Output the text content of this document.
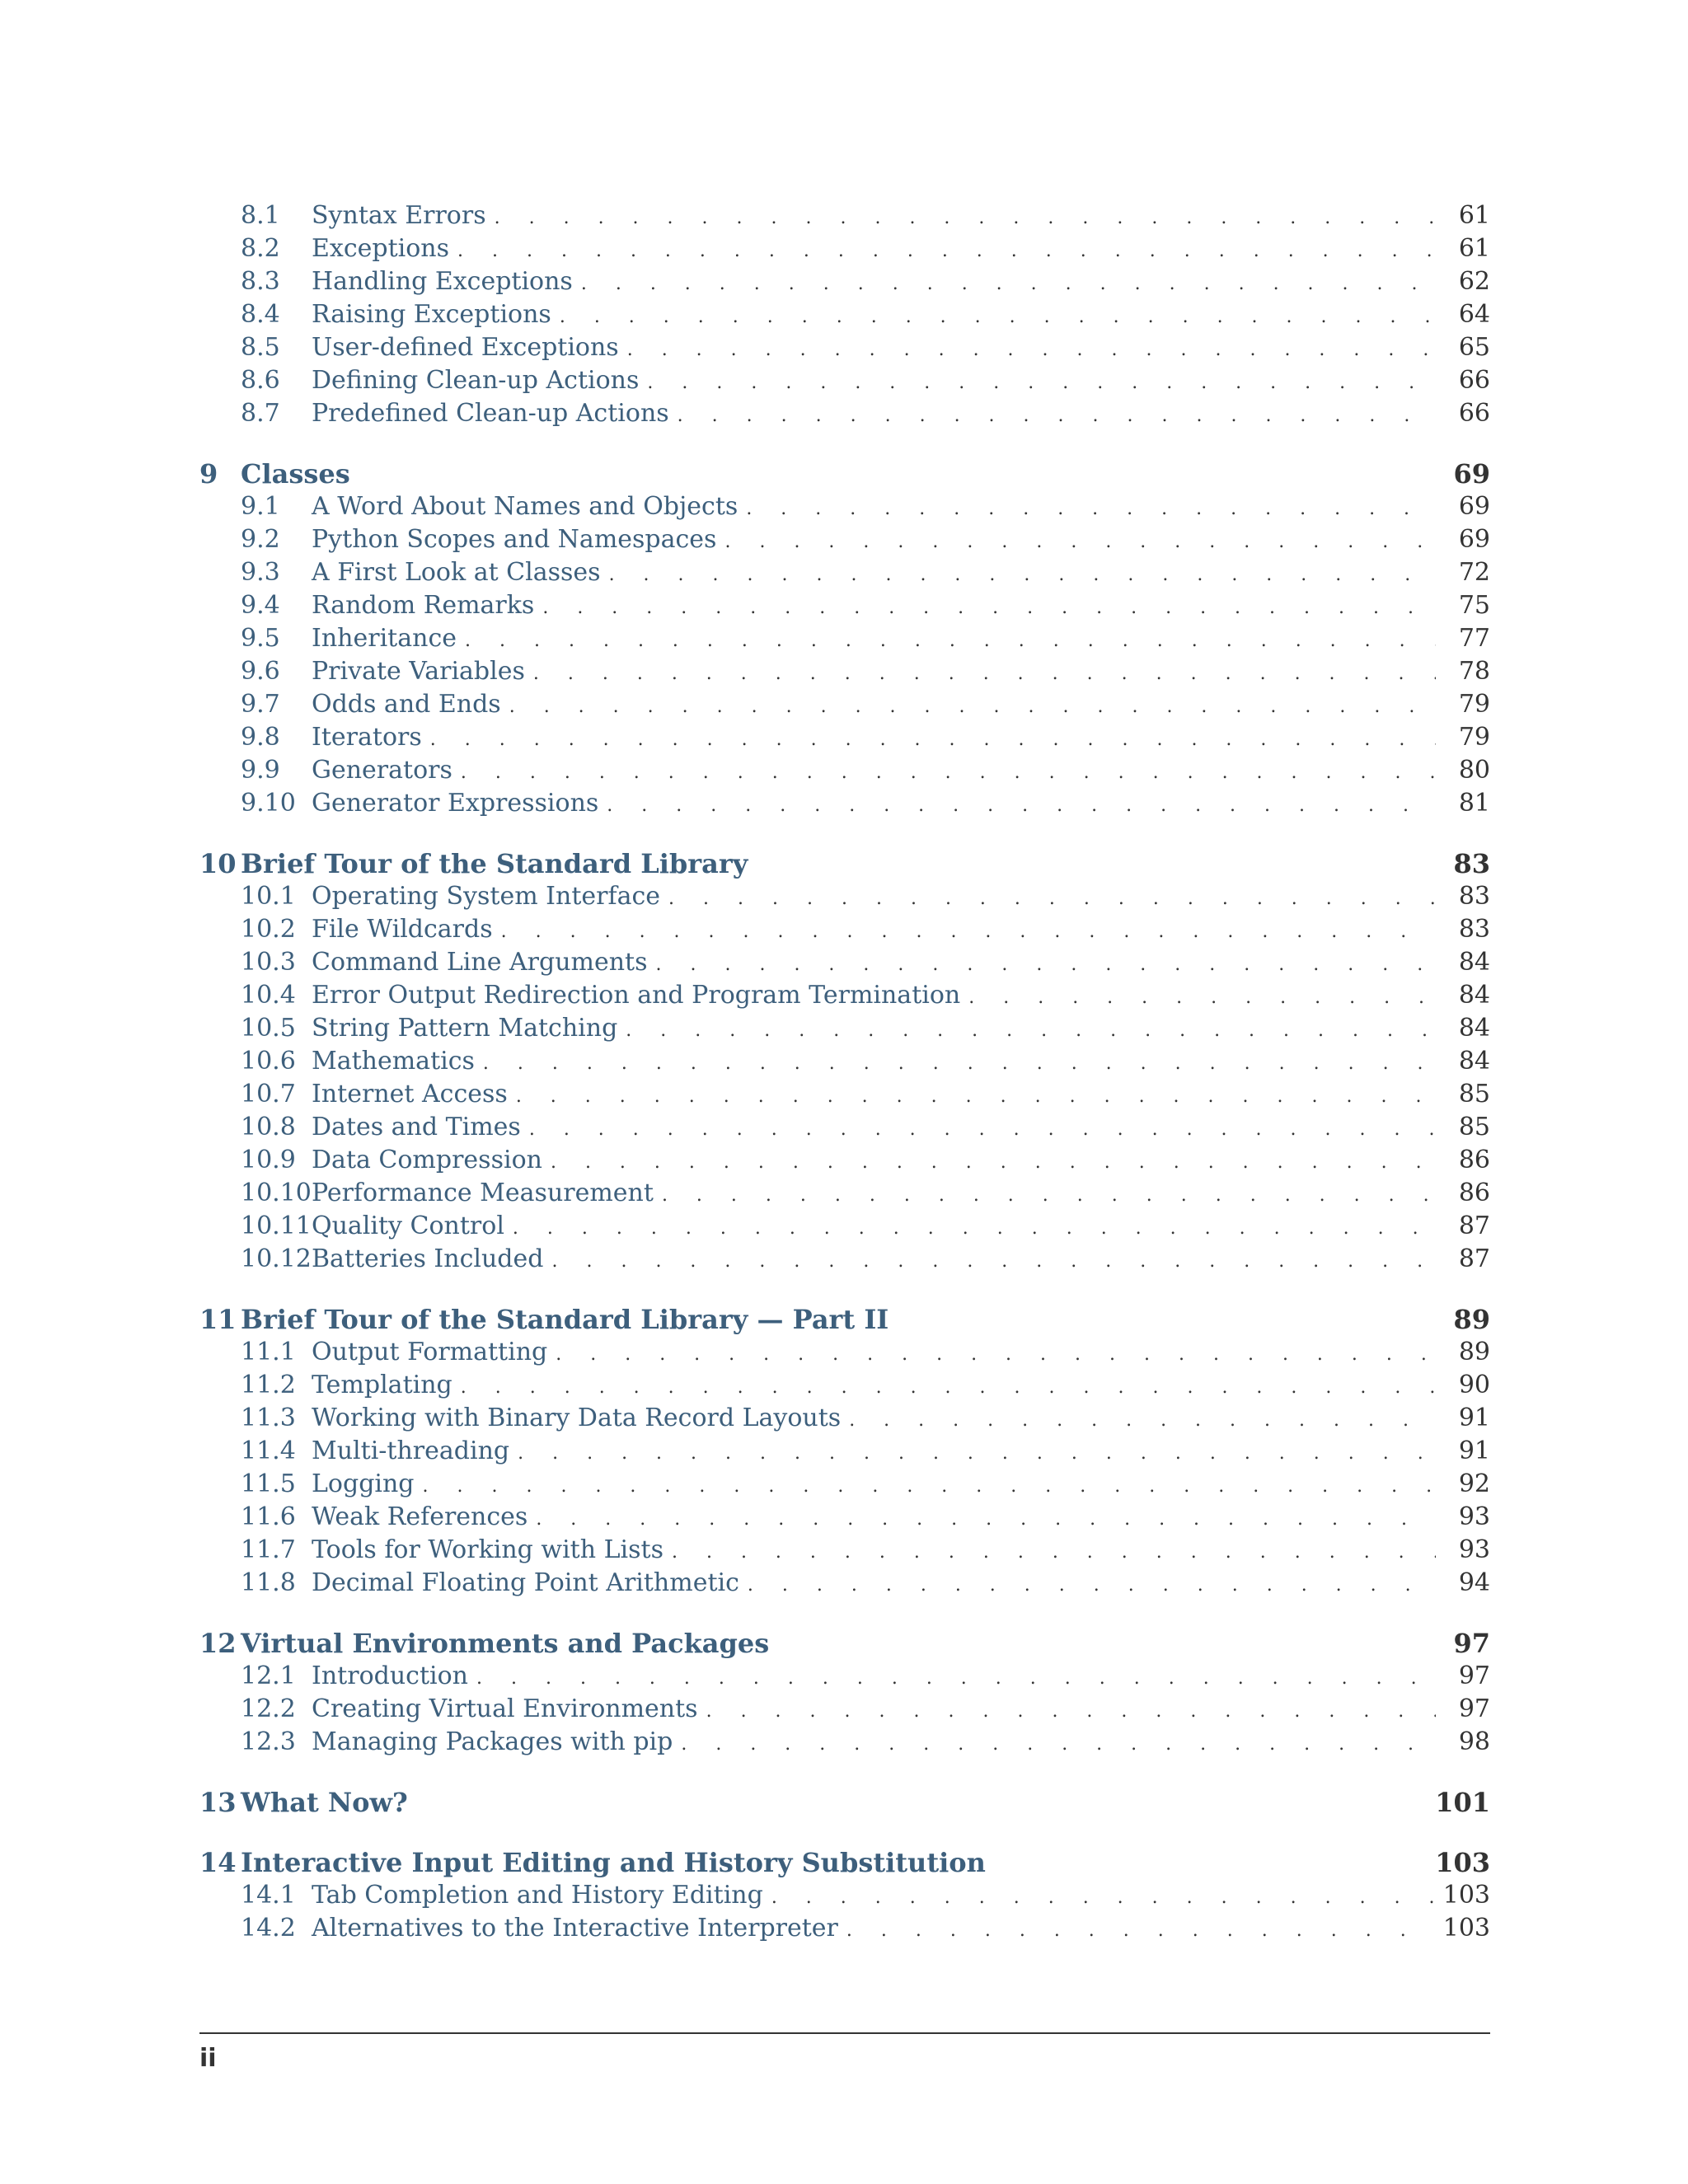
8.1	Syntax Errors . . .	61
8.2	Exceptions . . .	61
8.3	Handling Exceptions . . .	62
8.4	Raising Exceptions . . .	64
8.5	User-defined Exceptions . . .	65
8.6	Defining Clean-up Actions . . .	66
8.7	Predefined Clean-up Actions . . .	66
9 Classes	69
9.1	A Word About Names and Objects . . .	69
9.2	Python Scopes and Namespaces . . .	69
9.3	A First Look at Classes . . .	72
9.4	Random Remarks . . .	75
9.5	Inheritance . . .	77
9.6	Private Variables . . .	78
9.7	Odds and Ends . . .	79
9.8	Iterators . . .	79
9.9	Generators . . .	80
9.10 Generator Expressions . . .	81
10 Brief Tour of the Standard Library	83
10.1 Operating System Interface . . .	83
10.2 File Wildcards . . .	83
10.3 Command Line Arguments . . .	84
10.4 Error Output Redirection and Program Termination . . .	84
10.5 String Pattern Matching . . .	84
10.6 Mathematics . . .	84
10.7 Internet Access . . .	85
10.8 Dates and Times . . .	85
10.9 Data Compression . . .	86
10.10 Performance Measurement . . .	86
10.11 Quality Control . . .	87
10.12 Batteries Included . . .	87
11 Brief Tour of the Standard Library — Part II	89
11.1 Output Formatting . . .	89
11.2 Templating . . .	90
11.3 Working with Binary Data Record Layouts . . .	91
11.4 Multi-threading . . .	91
11.5 Logging . . .	92
11.6 Weak References . . .	93
11.7 Tools for Working with Lists . . .	93
11.8 Decimal Floating Point Arithmetic . . .	94
12 Virtual Environments and Packages	97
12.1 Introduction . . .	97
12.2 Creating Virtual Environments . . .	97
12.3 Managing Packages with pip . . .	98
13 What Now?	101
14 Interactive Input Editing and History Substitution	103
14.1 Tab Completion and History Editing . . .	103
14.2 Alternatives to the Interactive Interpreter . . .	103
ii
